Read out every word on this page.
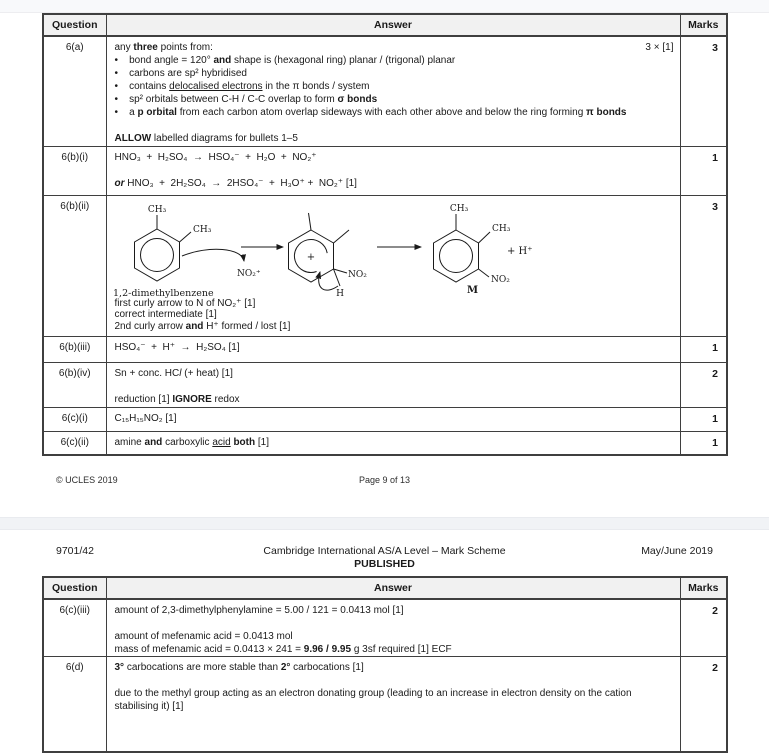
Question	Answer	Marks
6(a)	any three points from:	3 × [1]
•    bond angle = 120° and shape is (hexagonal ring) planar / (trigonal) planar
•    carbons are sp² hybridised
•    contains delocalised electrons in the π bonds / system
•    sp² orbitals between C-H / C-C overlap to form σ bonds
•    a p orbital from each carbon atom overlap sideways with each other above and below the ring forming π bonds

ALLOW labelled diagrams for bullets 1–5
	3
6(b)(i)	HNO₃  +  H₂SO₄  →  HSO₄⁻  +  H₂O  +  NO₂⁺

or HNO₃  +  2H₂SO₄  →  2HSO₄⁻  +  H₃O⁺ +  NO₂⁺ [1]	1
6(b)(ii)	CH₃
CH₃
NO₂⁺
1,2-dimethylbenzene
+
NO₂
H
CH₃
CH₃
NO₂
+ H⁺
M
first curly arrow to N of NO₂⁺ [1]
correct intermediate [1]
2nd curly arrow and H⁺ formed / lost [1]
	3
6(b)(iii)	HSO₄⁻  +  H⁺  →  H₂SO₄ [1]	1
6(b)(iv)	Sn + conc. HCl (+ heat) [1]

reduction [1] IGNORE redox	2
6(c)(i)	C₁₅H₁₅NO₂ [1]	1
6(c)(ii)	amine and carboxylic acid both [1]	1
© UCLES 2019	Page 9 of 13
9701/42	Cambridge International AS/A Level – Mark Scheme	May/June 2019
PUBLISHED
Question	Answer	Marks
6(c)(iii)	amount of 2,3-dimethylphenylamine = 5.00 / 121 = 0.0413 mol [1]

amount of mefenamic acid = 0.0413 mol
mass of mefenamic acid = 0.0413 × 241 = 9.96 / 9.95 g 3sf required [1] ECF	2
6(d)	3° carbocations are more stable than 2° carbocations [1]

due to the methyl group acting as an electron donating group (leading to an increase in electron density on the cation stabilising it) [1]	2
